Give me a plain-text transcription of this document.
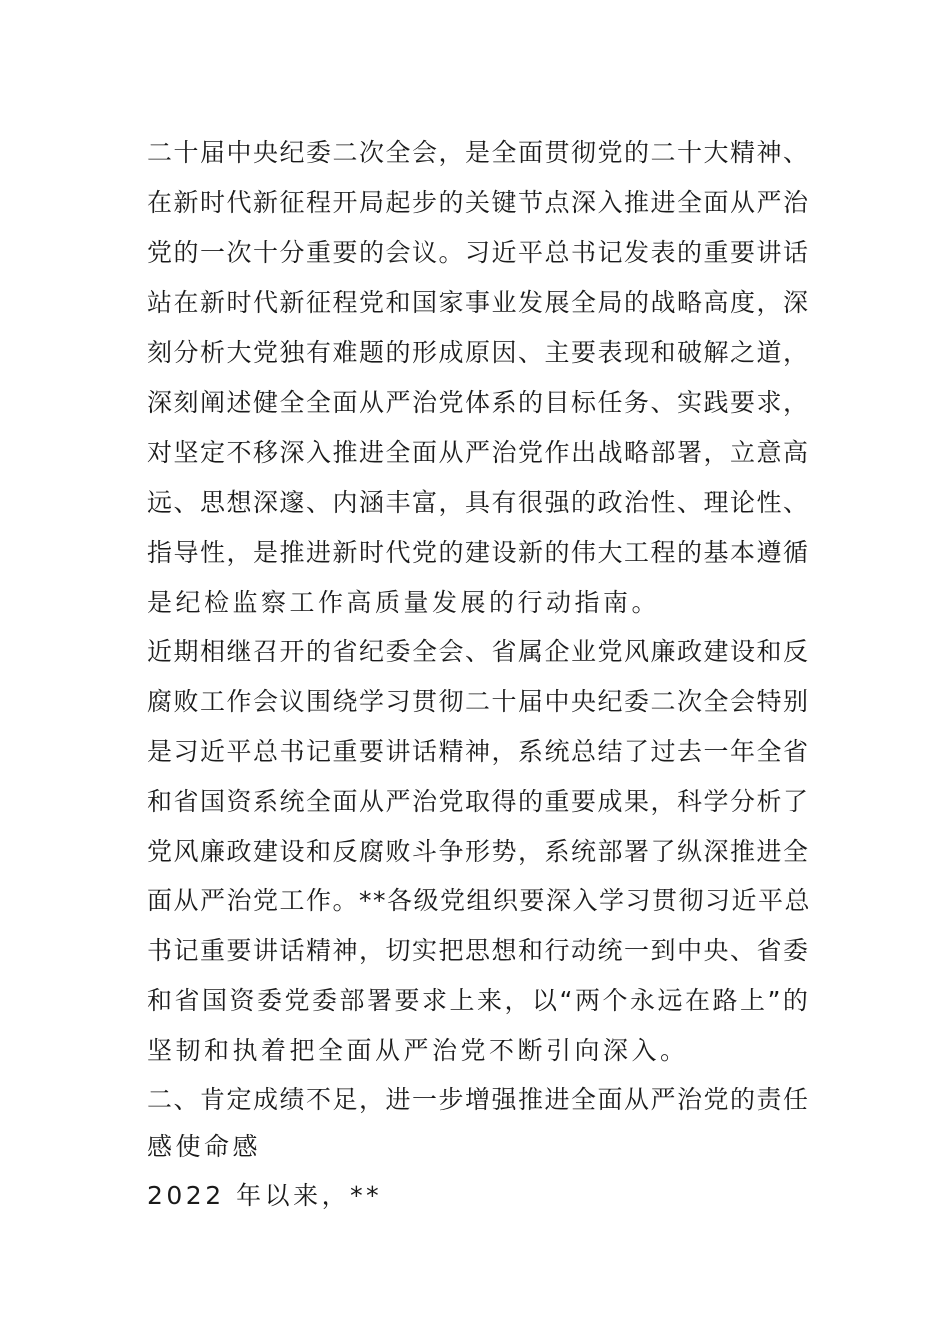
二十届中央纪委二次全会，是全面贯彻党的二十大精神、
在新时代新征程开局起步的关键节点深入推进全面从严治
党的一次十分重要的会议。习近平总书记发表的重要讲话
站在新时代新征程党和国家事业发展全局的战略高度，深
刻分析大党独有难题的形成原因、主要表现和破解之道，
深刻阐述健全全面从严治党体系的目标任务、实践要求，
对坚定不移深入推进全面从严治党作出战略部署，立意高
远、思想深邃、内涵丰富，具有很强的政治性、理论性、
指导性，是推进新时代党的建设新的伟大工程的基本遵循
是纪检监察工作高质量发展的行动指南。
近期相继召开的省纪委全会、省属企业党风廉政建设和反
腐败工作会议围绕学习贯彻二十届中央纪委二次全会特别
是习近平总书记重要讲话精神，系统总结了过去一年全省
和省国资系统全面从严治党取得的重要成果，科学分析了
党风廉政建设和反腐败斗争形势，系统部署了纵深推进全
面从严治党工作。**各级党组织要深入学习贯彻习近平总
书记重要讲话精神，切实把思想和行动统一到中央、省委
和省国资委党委部署要求上来，以“两个永远在路上”的
坚韧和执着把全面从严治党不断引向深入。
二、肯定成绩不足，进一步增强推进全面从严治党的责任
感使命感
2022 年以来，**
